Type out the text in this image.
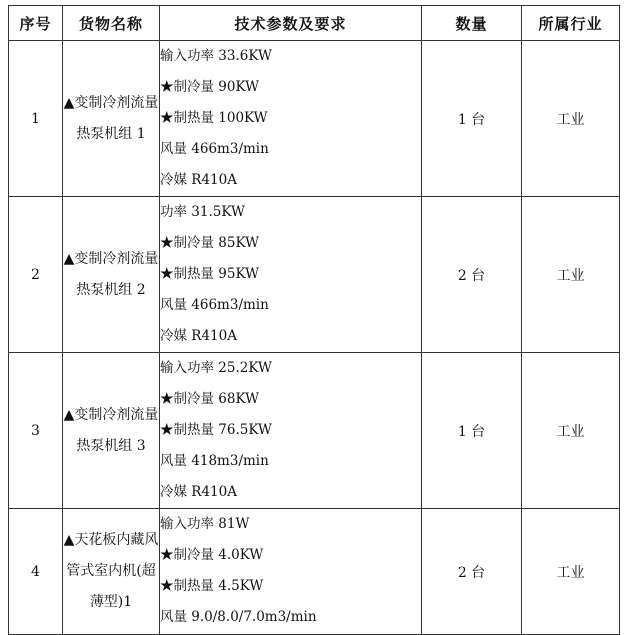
序号	货物名称	技术参数及要求	数量	所属行业
1	▲变制冷剂流量热泵机组 1	输入功率 33.6KW
★制冷量 90KW
★制热量 100KW
风量 466m3/min
冷媒 R410A	1 台	工业
2	▲变制冷剂流量热泵机组 2	功率 31.5KW
★制冷量 85KW
★制热量 95KW
风量 466m3/min
冷媒 R410A	2 台	工业
3	▲变制冷剂流量热泵机组 3	输入功率 25.2KW
★制冷量 68KW
★制热量 76.5KW
风量 418m3/min
冷媒 R410A	1 台	工业
4	▲天花板内藏风管式室内机(超薄型)1	输入功率 81W
★制冷量 4.0KW
★制热量 4.5KW
风量 9.0/8.0/7.0m3/min	2 台	工业
